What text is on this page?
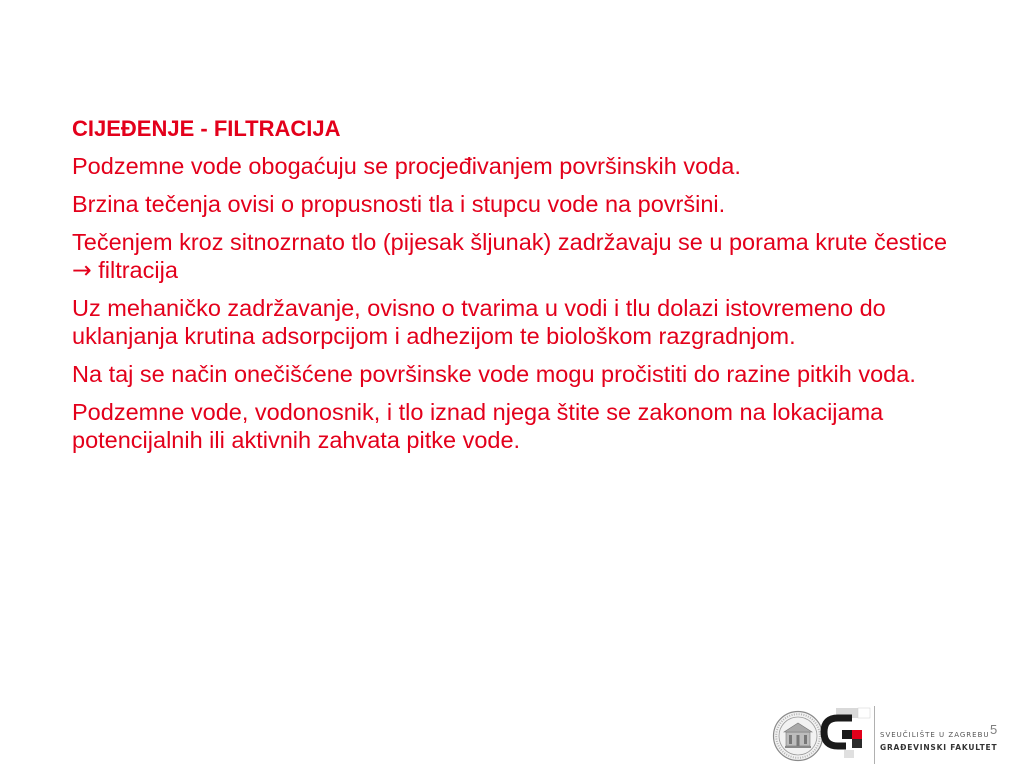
CIJEĐENJE - FILTRACIJA

Podzemne vode obogaćuju se procjeđivanjem površinskih voda.

Brzina tečenja ovisi o propusnosti tla i stupcu vode na površini.

Tečenjem kroz sitnozrnato tlo (pijesak šljunak) zadržavaju se u porama krute čestice → filtracija

Uz mehaničko zadržavanje, ovisno o tvarima u vodi i tlu dolazi istovremeno do uklanjanja krutina adsorpcijom i adhezijom te biološkom razgradnjom.

Na taj se način onečišćene površinske vode mogu pročistiti do razine pitkih voda.

Podzemne vode, vodonosnik, i tlo iznad njega štite se zakonom na lokacijama potencijalnih ili aktivnih zahvata pitke vode.

SVEUČILIŠTE U ZAGREBU
GRAĐEVINSKI FAKULTET
5
